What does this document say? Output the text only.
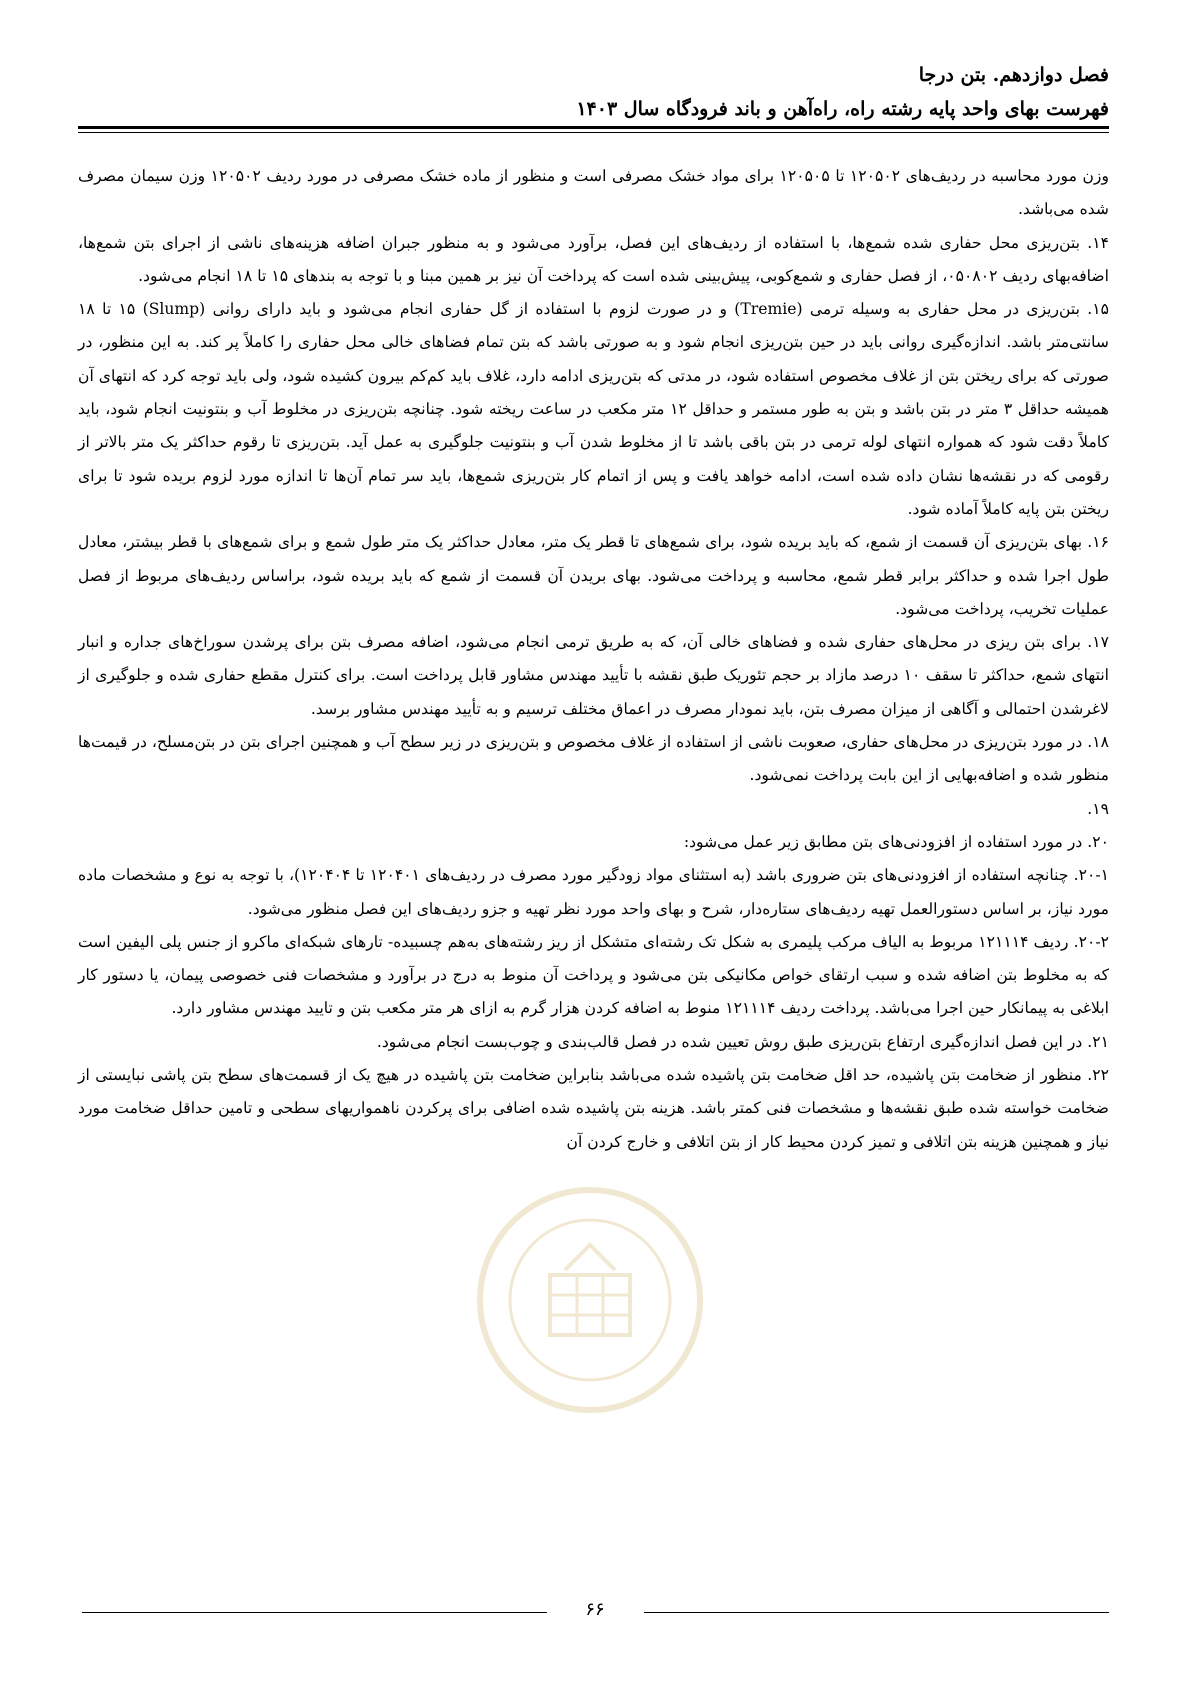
فصل دوازدهم. بتن درجا

فهرست بهای واحد پایه رشته راه، راه‌آهن و باند فرودگاه سال ۱۴۰۳

وزن مورد محاسبه در ردیف‌های ۱۲۰۵۰۲ تا ۱۲۰۵۰۵ برای مواد خشک مصرفی است و منظور از ماده خشک مصرفی در مورد ردیف ۱۲۰۵۰۲ وزن سیمان مصرف شده می‌باشد.

۱۴. بتن‌ریزی محل حفاری شده شمع‌ها، با استفاده از ردیف‌های این فصل، برآورد می‌شود و به منظور جبران اضافه هزینه‌های ناشی از اجرای بتن شمع‌ها، اضافه‌بهای ردیف ۰۵۰۸۰۲، از فصل حفاری و شمع‌کوبی، پیش‌بینی شده است که پرداخت آن نیز بر همین مبنا و با توجه به بندهای ۱۵ تا ۱۸ انجام می‌شود.

۱۵. بتن‌ریزی در محل حفاری به وسیله ترمی (Tremie) و در صورت لزوم با استفاده از گل حفاری انجام می‌شود و باید دارای روانی (Slump) ۱۵ تا ۱۸ سانتی‌متر باشد. اندازه‌گیری روانی باید در حین بتن‌ریزی انجام شود و به صورتی باشد که بتن تمام فضاهای خالی محل حفاری را کاملاً پر کند. به این منظور، در صورتی که برای ریختن بتن از غلاف مخصوص استفاده شود، در مدتی که بتن‌ریزی ادامه دارد، غلاف باید کم‌کم بیرون کشیده شود، ولی باید توجه کرد که انتهای آن همیشه حداقل ۳ متر در بتن باشد و بتن به طور مستمر و حداقل ۱۲ متر مکعب در ساعت ریخته شود. چنانچه بتن‌ریزی در مخلوط آب و بنتونیت انجام شود، باید کاملاً دقت شود که همواره انتهای لوله ترمی در بتن باقی باشد تا از مخلوط شدن آب و بنتونیت جلوگیری به عمل آید. بتن‌ریزی تا رقوم حداکثر یک متر بالاتر از رقومی که در نقشه‌ها نشان داده شده است، ادامه خواهد یافت و پس از اتمام کار بتن‌ریزی شمع‌ها، باید سر تمام آن‌ها تا اندازه مورد لزوم بریده شود تا برای ریختن بتن پایه کاملاً آماده شود.

۱۶. بهای بتن‌ریزی آن قسمت از شمع، که باید بریده شود، برای شمع‌های تا قطر یک متر، معادل حداکثر یک متر طول شمع و برای شمع‌های با قطر بیشتر، معادل طول اجرا شده و حداکثر برابر قطر شمع، محاسبه و پرداخت می‌شود. بهای بریدن آن قسمت از شمع که باید بریده شود، براساس ردیف‌های مربوط از فصل عملیات تخریب، پرداخت می‌شود.

۱۷. برای بتن ریزی در محل‌های حفاری شده و فضاهای خالی آن، که به طریق ترمی انجام می‌شود، اضافه مصرف بتن برای پرشدن سوراخ‌های جداره و انبار انتهای شمع، حداکثر تا سقف ۱۰ درصد مازاد بر حجم تئوریک طبق نقشه با تأیید مهندس مشاور قابل پرداخت است. برای کنترل مقطع حفاری شده و جلوگیری از لاغرشدن احتمالی و آگاهی از میزان مصرف بتن، باید نمودار مصرف در اعماق مختلف ترسیم و به تأیید مهندس مشاور برسد.

۱۸. در مورد بتن‌ریزی در محل‌های حفاری، صعوبت ناشی از استفاده از غلاف مخصوص و بتن‌ریزی در زیر سطح آب و همچنین اجرای بتن در بتن‌مسلح، در قیمت‌ها منظور شده و اضافه‌بهایی از این بابت پرداخت نمی‌شود.

۱۹.

۲۰. در مورد استفاده از افزودنی‌های بتن مطابق زیر عمل می‌شود:

۲۰-۱. چنانچه استفاده از افزودنی‌های بتن ضروری باشد (به استثنای مواد زودگیر مورد مصرف در ردیف‌های ۱۲۰۴۰۱ تا ۱۲۰۴۰۴)، با توجه به نوع و مشخصات ماده مورد نیاز، بر اساس دستورالعمل تهیه ردیف‌های ستاره‌دار، شرح و بهای واحد مورد نظر تهیه و جزو ردیف‌های این فصل منظور می‌شود.

۲۰-۲. ردیف ۱۲۱۱۱۴ مربوط به الیاف مرکب پلیمری به شکل تک رشته‌ای متشکل از ریز رشته‌های به‌هم چسبیده- تارهای شبکه‌ای ماکرو از جنس پلی الیفین است که به مخلوط بتن اضافه شده و سبب ارتقای خواص مکانیکی بتن می‌شود و پرداخت آن منوط به درج در برآورد و مشخصات فنی خصوصی پیمان، یا دستور کار ابلاغی به پیمانکار حین اجرا می‌باشد. پرداخت ردیف ۱۲۱۱۱۴ منوط به اضافه کردن هزار گرم به ازای هر متر مکعب بتن و تایید مهندس مشاور دارد.

۲۱. در این فصل اندازه‌گیری ارتفاع بتن‌ریزی طبق روش تعیین شده در فصل قالب‌بندی و چوب‌بست انجام می‌شود.

۲۲. منظور از ضخامت بتن پاشیده، حد اقل ضخامت بتن پاشیده شده می‌باشد بنابراین ضخامت بتن پاشیده در هیچ یک از قسمت‌های سطح بتن پاشی نبایستی از ضخامت خواسته شده طبق نقشه‌ها و مشخصات فنی کمتر باشد. هزینه بتن پاشیده شده اضافی برای پرکردن ناهمواریهای سطحی و تامین حداقل ضخامت مورد نیاز و همچنین هزینه بتن اتلافی و تمیز کردن محیط کار از بتن اتلافی و خارج کردن آن

۶۶
